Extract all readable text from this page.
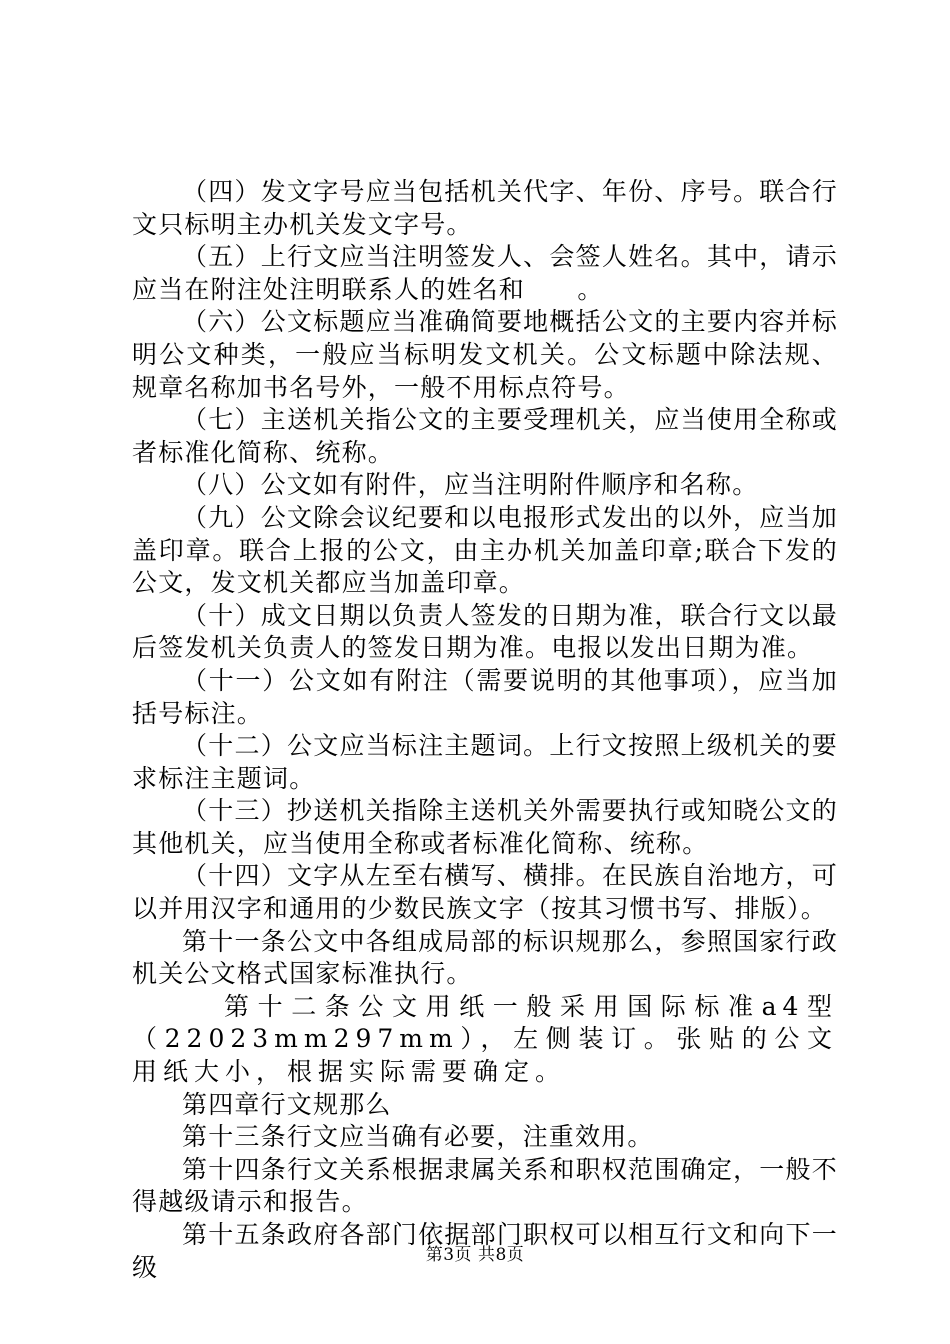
（四）发文字号应当包括机关代字、年份、序号。联合行文只标明主办机关发文字号。

（五）上行文应当注明签发人、会签人姓名。其中，请示应当在附注处注明联系人的姓名和　　。

（六）公文标题应当准确简要地概括公文的主要内容并标明公文种类，一般应当标明发文机关。公文标题中除法规、规章名称加书名号外，一般不用标点符号。

（七）主送机关指公文的主要受理机关，应当使用全称或者标准化简称、统称。

（八）公文如有附件，应当注明附件顺序和名称。

（九）公文除会议纪要和以电报形式发出的以外，应当加盖印章。联合上报的公文，由主办机关加盖印章;联合下发的公文，发文机关都应当加盖印章。

（十）成文日期以负责人签发的日期为准，联合行文以最后签发机关负责人的签发日期为准。电报以发出日期为准。

（十一）公文如有附注（需要说明的其他事项），应当加括号标注。

（十二）公文应当标注主题词。上行文按照上级机关的要求标注主题词。

（十三）抄送机关指除主送机关外需要执行或知晓公文的其他机关，应当使用全称或者标准化简称、统称。

（十四）文字从左至右横写、横排。在民族自治地方，可以并用汉字和通用的少数民族文字（按其习惯书写、排版）。

第十一条公文中各组成局部的标识规那么，参照国家行政机关公文格式国家标准执行。

第十二条公文用纸一般采用国际标准a4型（22023mm297mm），左侧装订。张贴的公文用纸大小，根据实际需要确定。

第四章行文规那么

第十三条行文应当确有必要，注重效用。

第十四条行文关系根据隶属关系和职权范围确定，一般不得越级请示和报告。

第十五条政府各部门依据部门职权可以相互行文和向下一级	第3页 共8页
